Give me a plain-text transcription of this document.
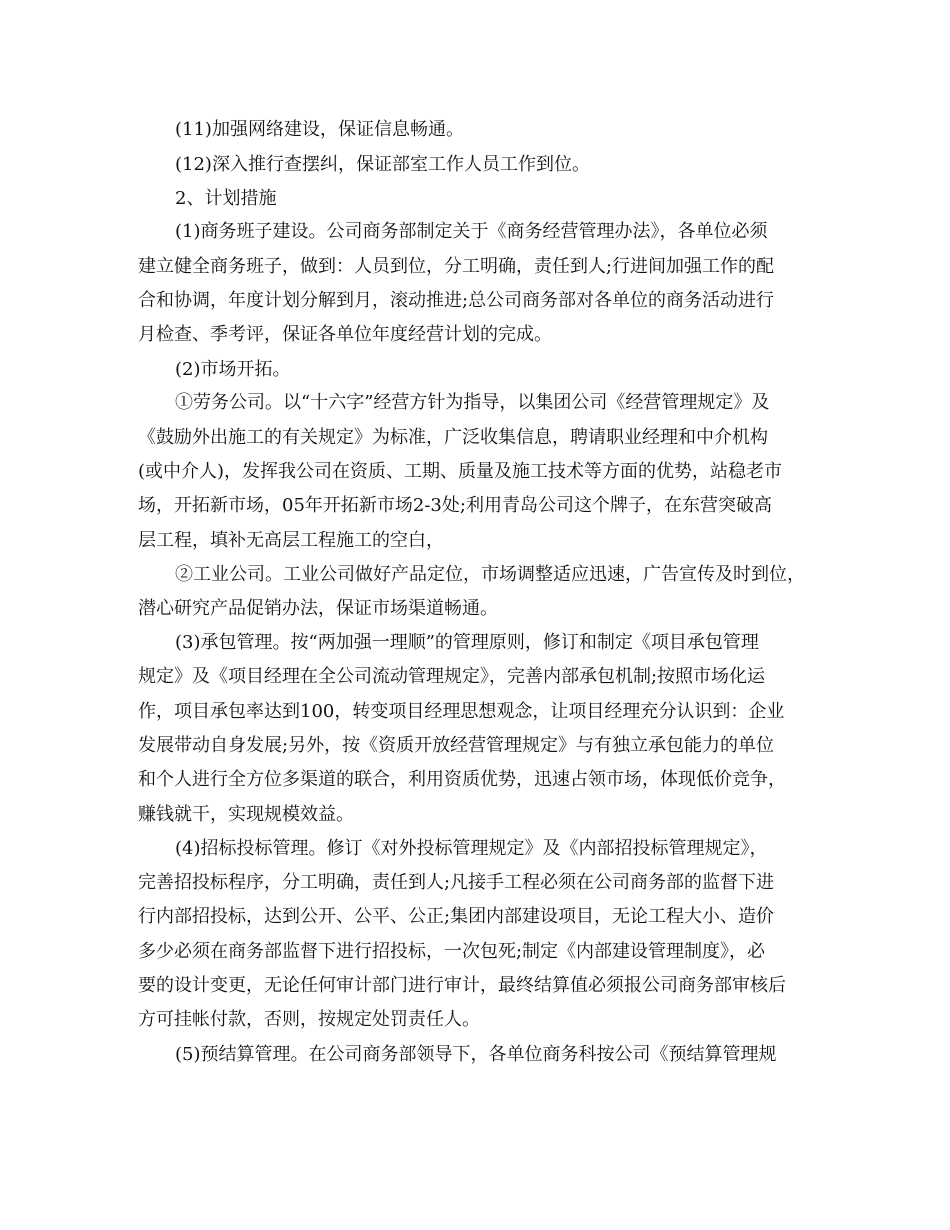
(11)加强网络建设，保证信息畅通。
(12)深入推行查摆纠，保证部室工作人员工作到位。
2、计划措施
(1)商务班子建设。公司商务部制定关于《商务经营管理办法》，各单位必须
建立健全商务班子，做到：人员到位，分工明确，责任到人;行进间加强工作的配
合和协调，年度计划分解到月，滚动推进;总公司商务部对各单位的商务活动进行
月检查、季考评，保证各单位年度经营计划的完成。
(2)市场开拓。
①劳务公司。以“十六字”经营方针为指导，以集团公司《经营管理规定》及
《鼓励外出施工的有关规定》为标准，广泛收集信息，聘请职业经理和中介机构
(或中介人)，发挥我公司在资质、工期、质量及施工技术等方面的优势，站稳老市
场，开拓新市场，05年开拓新市场2-3处;利用青岛公司这个牌子，在东营突破高
层工程，填补无高层工程施工的空白，
②工业公司。工业公司做好产品定位，市场调整适应迅速，广告宣传及时到位，
潜心研究产品促销办法，保证市场渠道畅通。
(3)承包管理。按“两加强一理顺”的管理原则，修订和制定《项目承包管理
规定》及《项目经理在全公司流动管理规定》，完善内部承包机制;按照市场化运
作，项目承包率达到100，转变项目经理思想观念，让项目经理充分认识到：企业
发展带动自身发展;另外，按《资质开放经营管理规定》与有独立承包能力的单位
和个人进行全方位多渠道的联合，利用资质优势，迅速占领市场，体现低价竞争，
赚钱就干，实现规模效益。
(4)招标投标管理。修订《对外投标管理规定》及《内部招投标管理规定》，
完善招投标程序，分工明确，责任到人;凡接手工程必须在公司商务部的监督下进
行内部招投标，达到公开、公平、公正;集团内部建设项目，无论工程大小、造价
多少必须在商务部监督下进行招投标，一次包死;制定《内部建设管理制度》，必
要的设计变更，无论任何审计部门进行审计，最终结算值必须报公司商务部审核后
方可挂帐付款，否则，按规定处罚责任人。
(5)预结算管理。在公司商务部领导下，各单位商务科按公司《预结算管理规
